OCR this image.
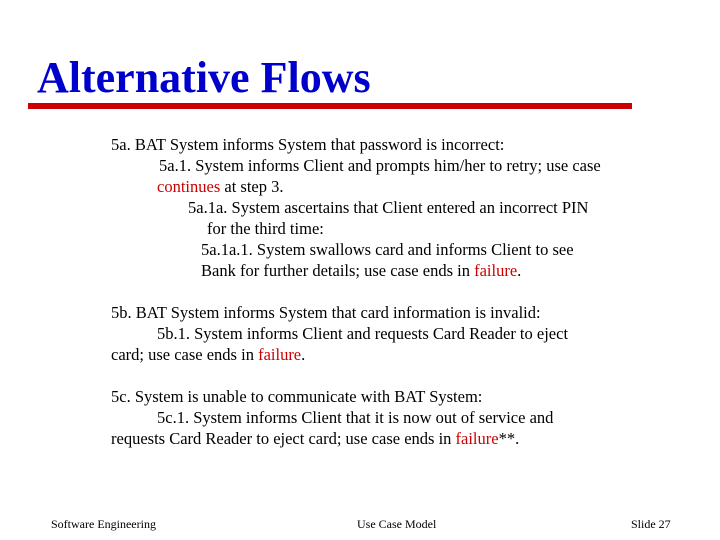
Alternative Flows
5a. BAT System informs System that password is incorrect:
5a.1. System informs Client and prompts him/her to retry; use case
continues at step 3.
5a.1a. System ascertains that Client entered an incorrect PIN
for the third time:
5a.1a.1. System swallows card and informs Client to see
Bank for further details; use case ends in failure.
5b. BAT System informs System that card information is invalid:
5b.1. System informs Client and requests Card Reader to eject
card; use case ends in failure.
5c. System is unable to communicate with BAT System:
5c.1. System informs Client that it is now out of service and
requests Card Reader to eject card; use case ends in failure**.
Software Engineering	Use Case Model	Slide 27
